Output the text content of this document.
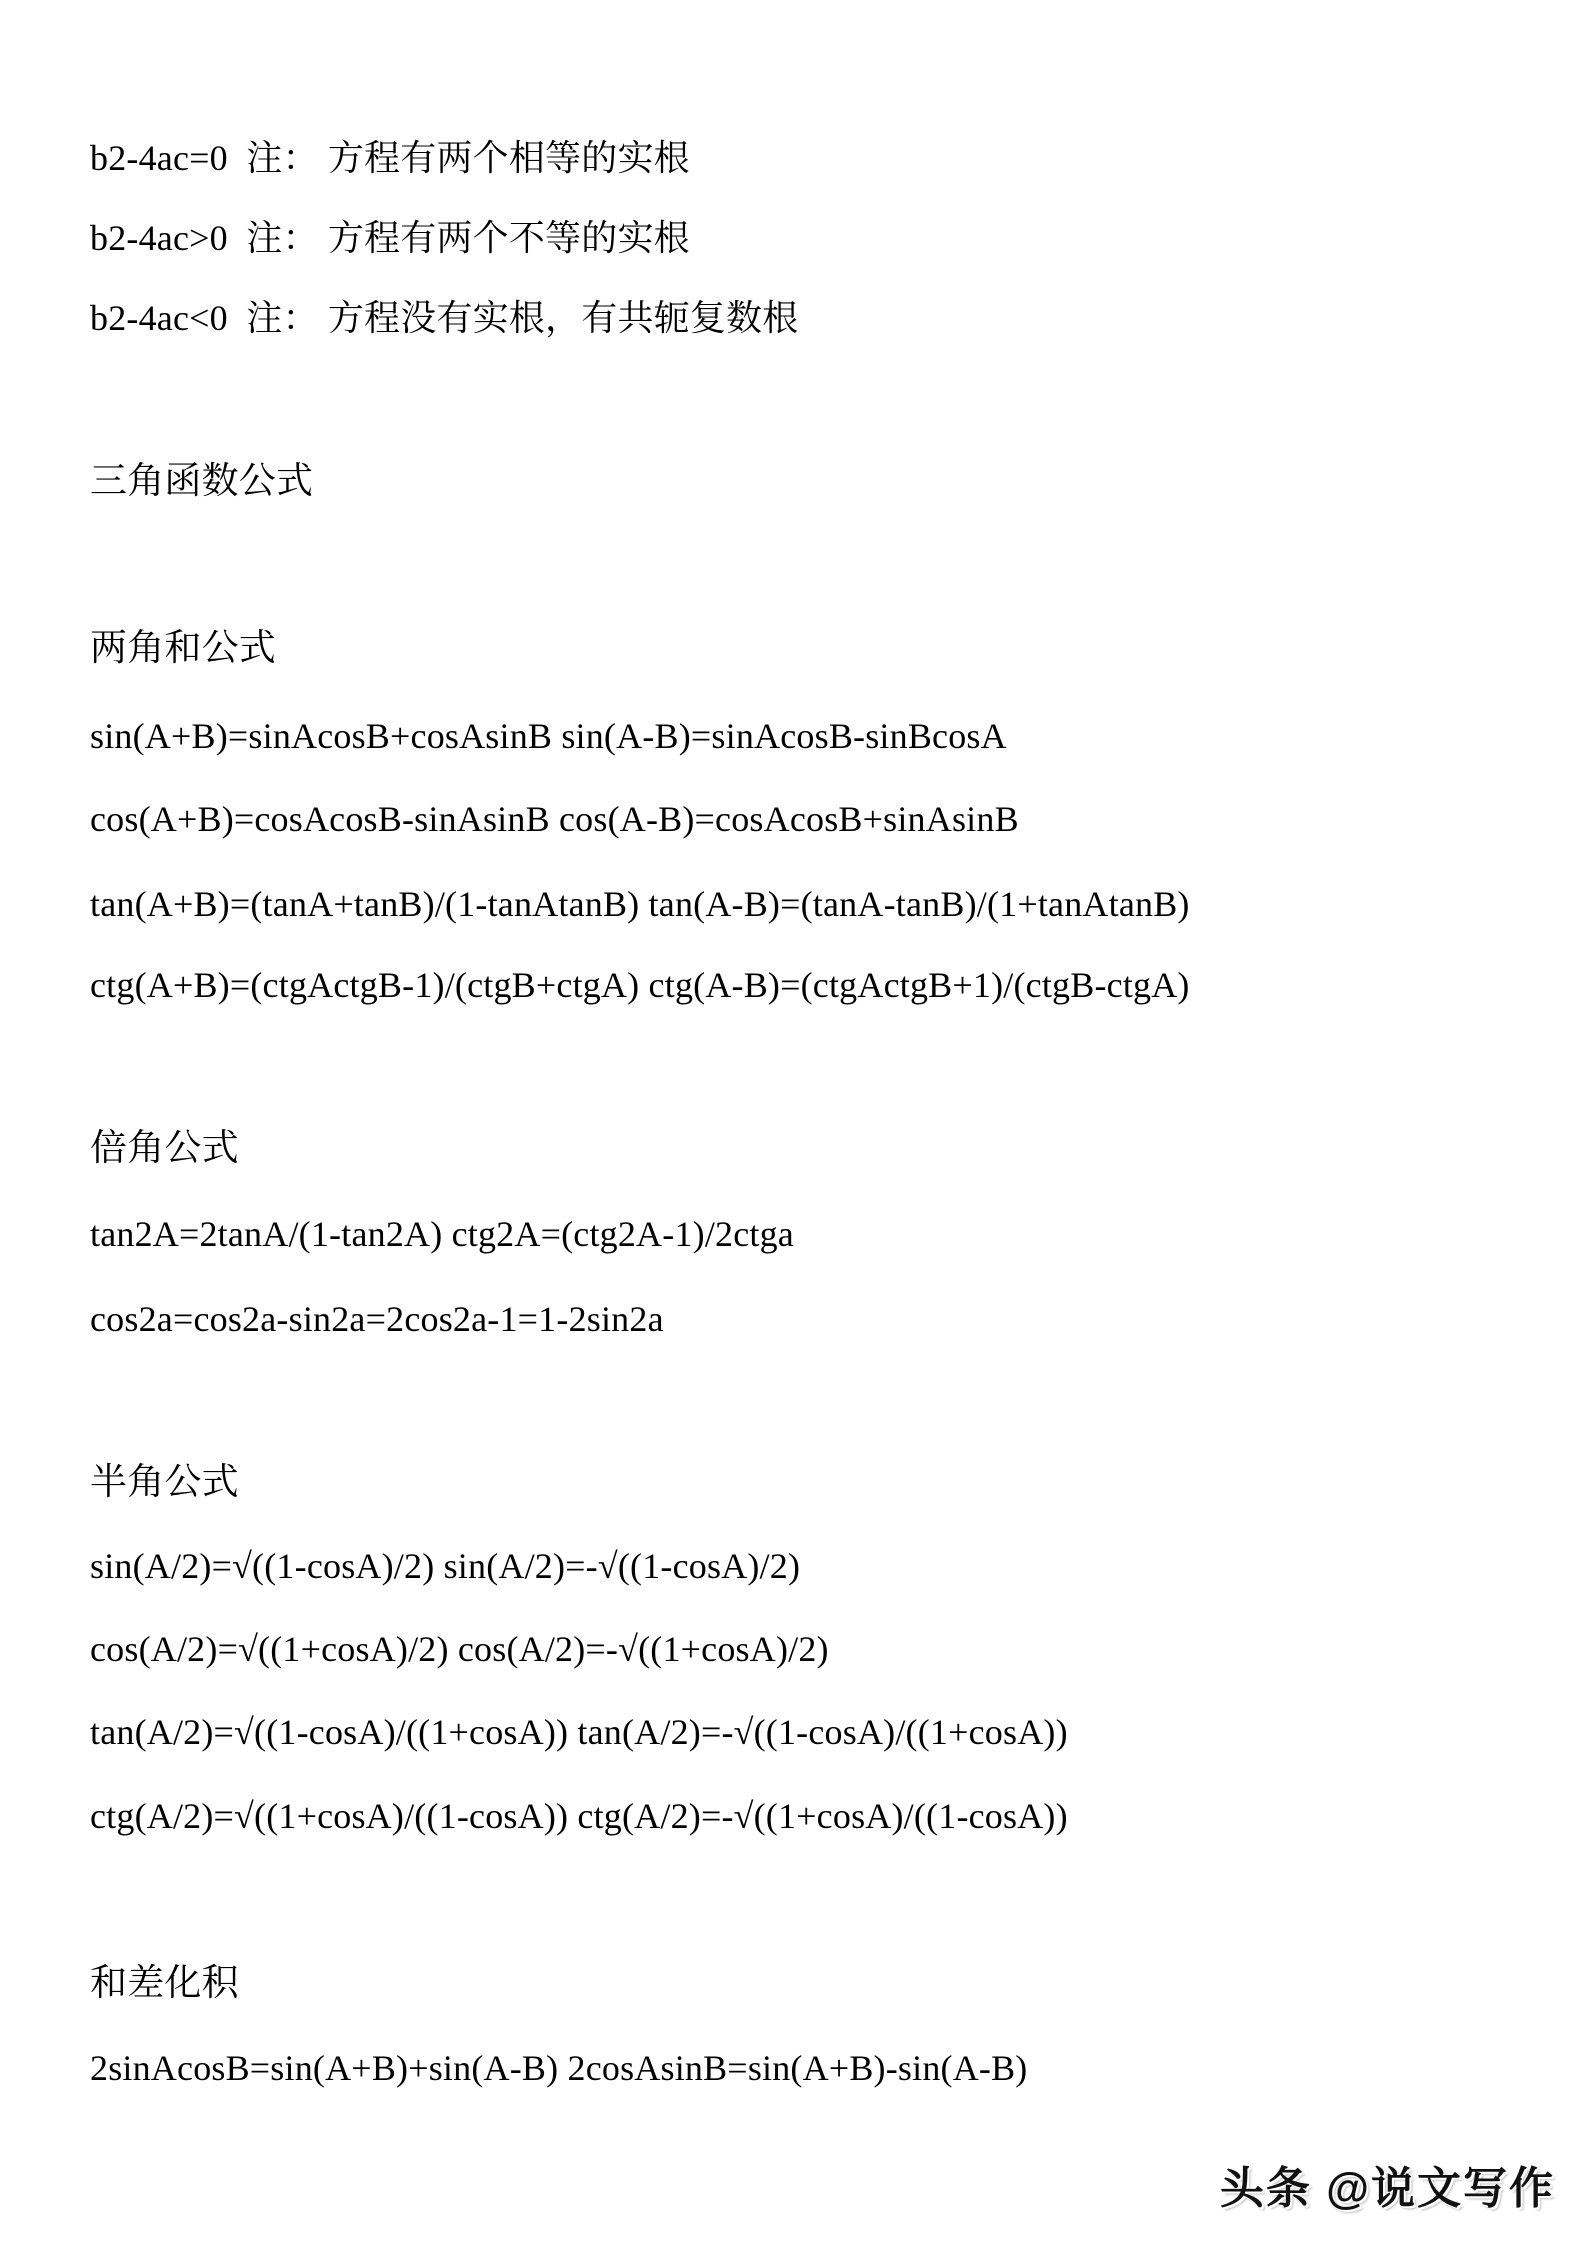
b2-4ac=0  注： 方程有两个相等的实根

b2-4ac>0  注： 方程有两个不等的实根

b2-4ac<0  注： 方程没有实根，有共轭复数根

三角函数公式

两角和公式

sin(A+B)=sinAcosB+cosAsinB sin(A-B)=sinAcosB-sinBcosA

cos(A+B)=cosAcosB-sinAsinB cos(A-B)=cosAcosB+sinAsinB

tan(A+B)=(tanA+tanB)/(1-tanAtanB) tan(A-B)=(tanA-tanB)/(1+tanAtanB)

ctg(A+B)=(ctgActgB-1)/(ctgB+ctgA) ctg(A-B)=(ctgActgB+1)/(ctgB-ctgA)

倍角公式

tan2A=2tanA/(1-tan2A) ctg2A=(ctg2A-1)/2ctga

cos2a=cos2a-sin2a=2cos2a-1=1-2sin2a

半角公式

sin(A/2)=√((1-cosA)/2) sin(A/2)=-√((1-cosA)/2)

cos(A/2)=√((1+cosA)/2) cos(A/2)=-√((1+cosA)/2)

tan(A/2)=√((1-cosA)/((1+cosA)) tan(A/2)=-√((1-cosA)/((1+cosA))

ctg(A/2)=√((1+cosA)/((1-cosA)) ctg(A/2)=-√((1+cosA)/((1-cosA))

和差化积

2sinAcosB=sin(A+B)+sin(A-B) 2cosAsinB=sin(A+B)-sin(A-B)

头条 @说文写作
